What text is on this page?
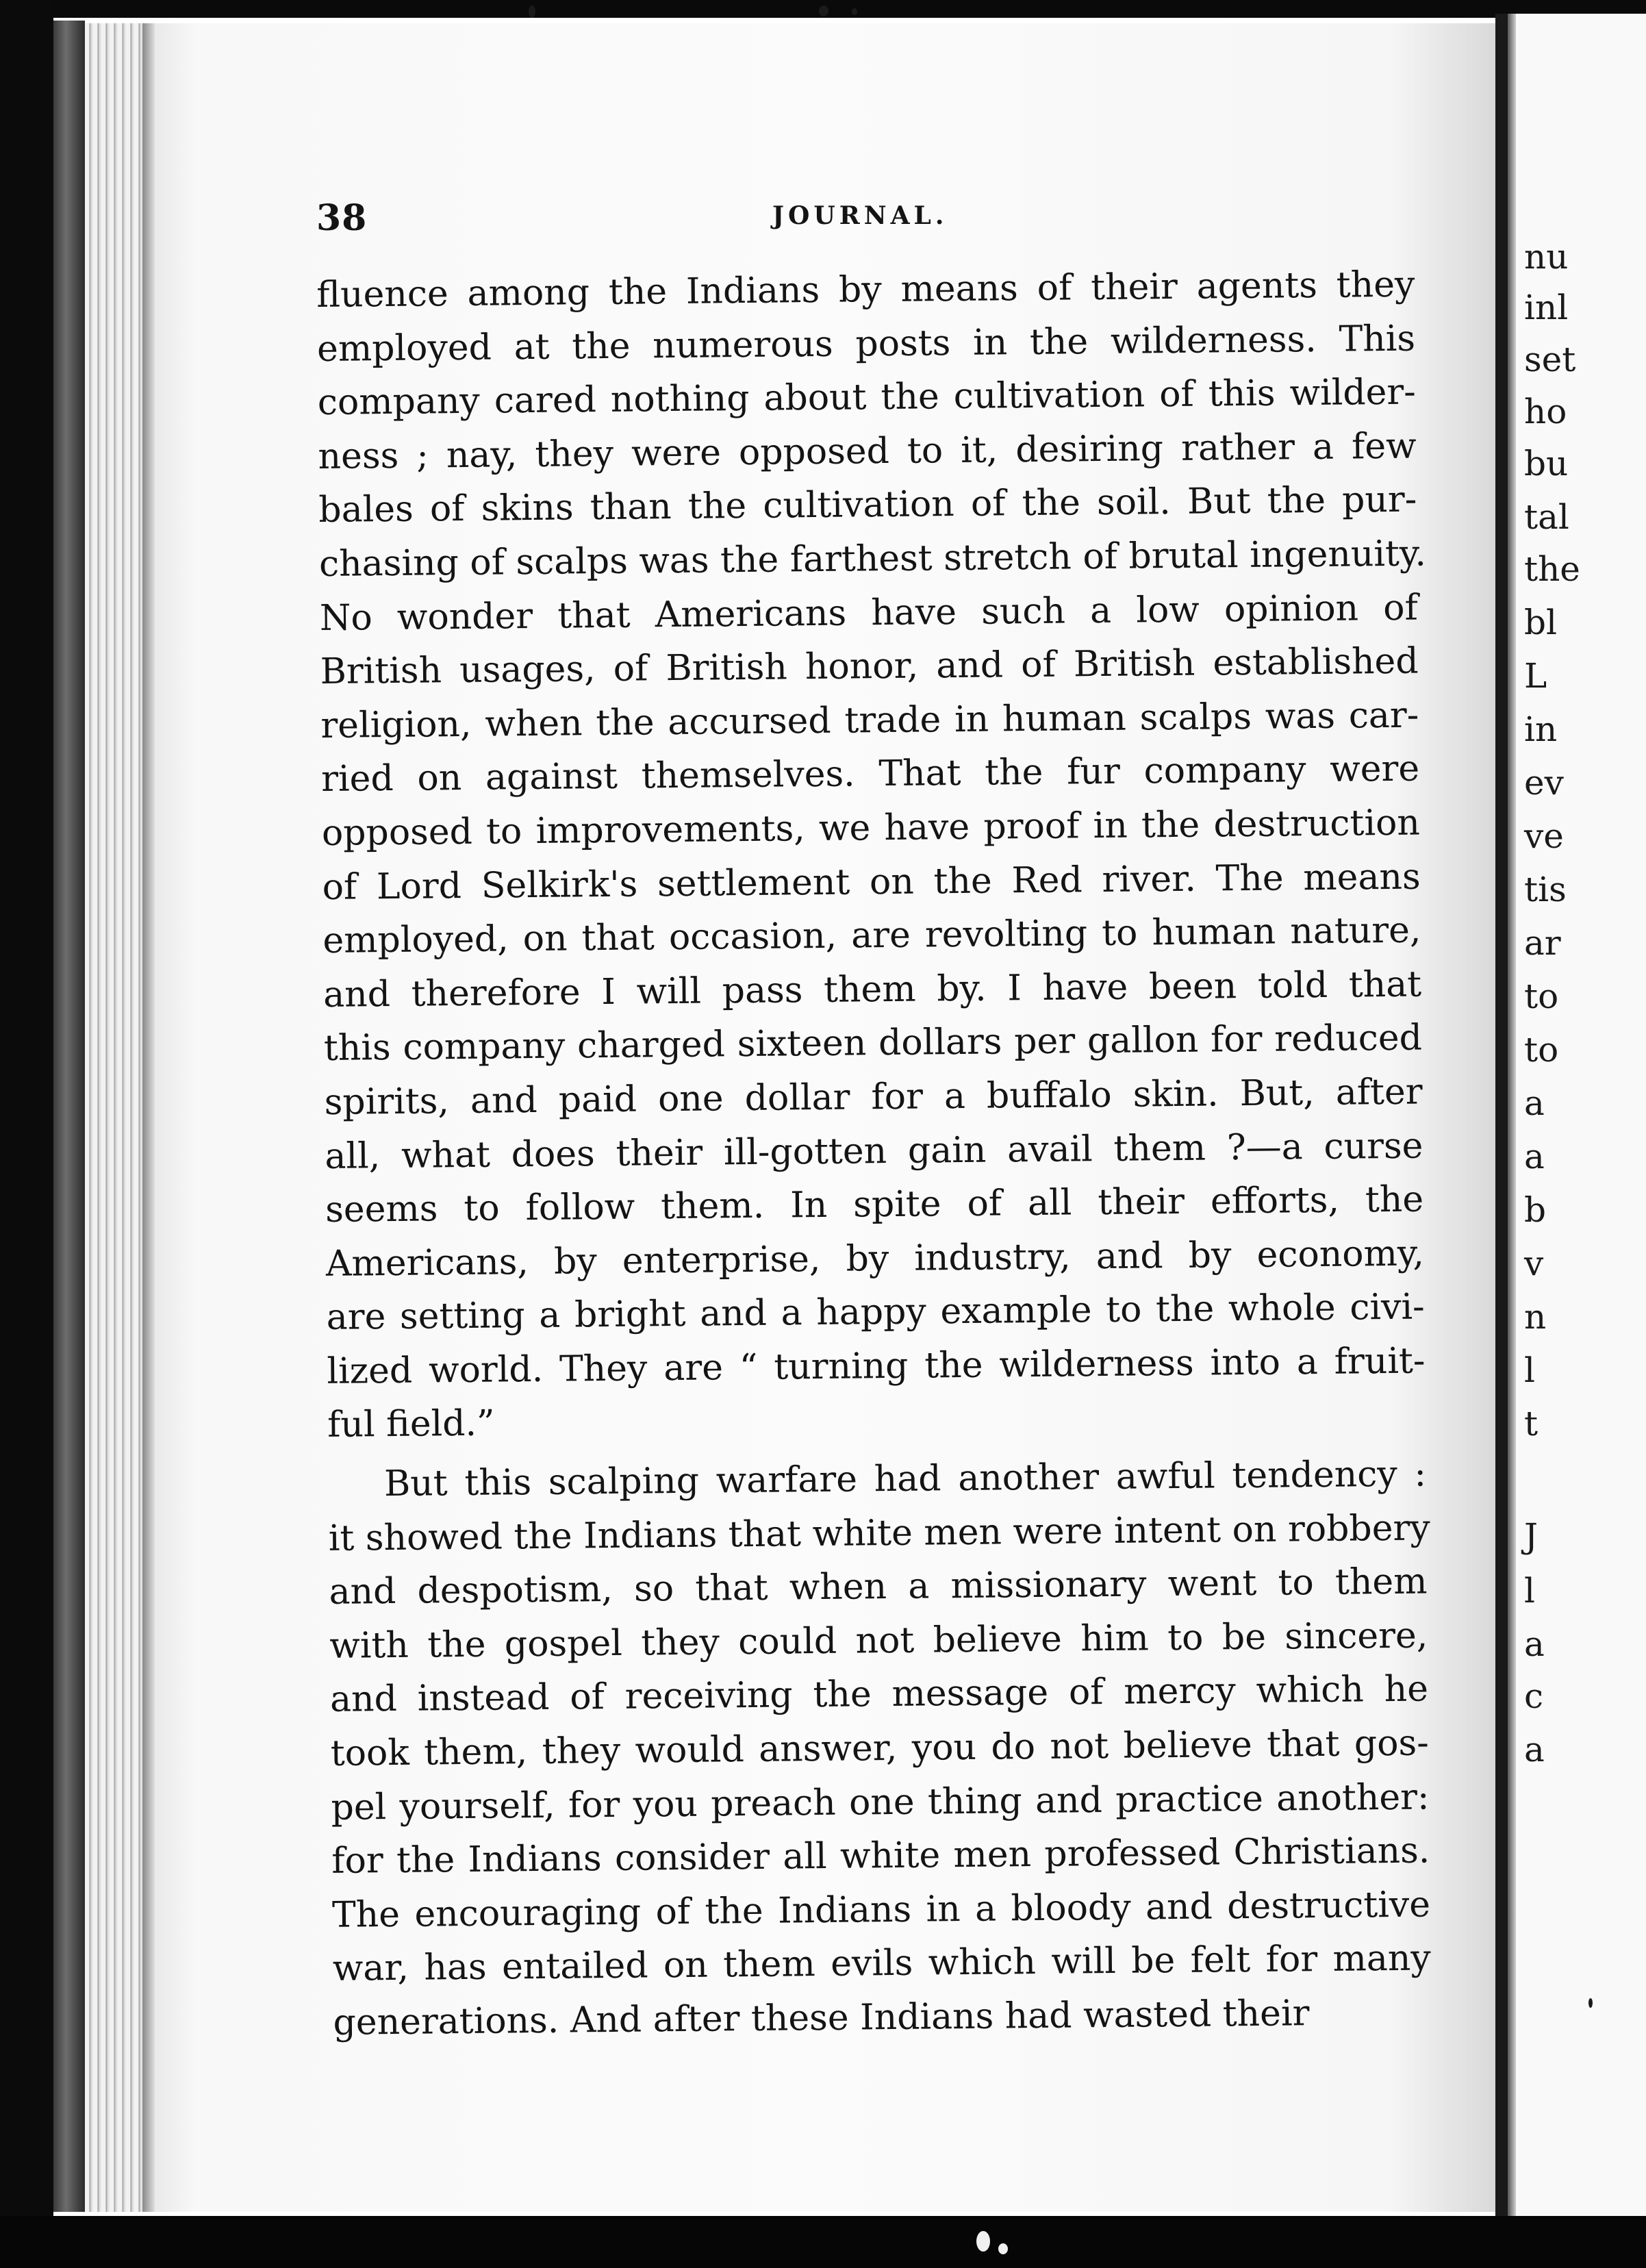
38	JOURNAL.
fluence among the Indians by means of their agents they
employed at the numerous posts in the wilderness. This
company cared nothing about the cultivation of this wilder-
ness ; nay, they were opposed to it, desiring rather a few
bales of skins than the cultivation of the soil. But the pur-
chasing of scalps was the farthest stretch of brutal ingenuity.
No wonder that Americans have such a low opinion of
British usages, of British honor, and of British established
religion, when the accursed trade in human scalps was car-
ried on against themselves. That the fur company were
opposed to improvements, we have proof in the destruction
of Lord Selkirk's settlement on the Red river. The means
employed, on that occasion, are revolting to human nature,
and therefore I will pass them by. I have been told that
this company charged sixteen dollars per gallon for reduced
spirits, and paid one dollar for a buffalo skin. But, after
all, what does their ill-gotten gain avail them ?—a curse
seems to follow them. In spite of all their efforts, the
Americans, by enterprise, by industry, and by economy,
are setting a bright and a happy example to the whole civi-
lized world. They are “ turning the wilderness into a fruit-
ful field.”
But this scalping warfare had another awful tendency :
it showed the Indians that white men were intent on robbery
and despotism, so that when a missionary went to them
with the gospel they could not believe him to be sincere,
and instead of receiving the message of mercy which he
took them, they would answer, you do not believe that gos-
pel yourself, for you preach one thing and practice another:
for the Indians consider all white men professed Christians.
The encouraging of the Indians in a bloody and destructive
war, has entailed on them evils which will be felt for many
generations. And after these Indians had wasted their
nu
inl
set
ho
bu
tal
the
bl
L
in
ev
ve
tis
ar
to
to
a
a
b
v
n
l
t
J
l
a
c
a
